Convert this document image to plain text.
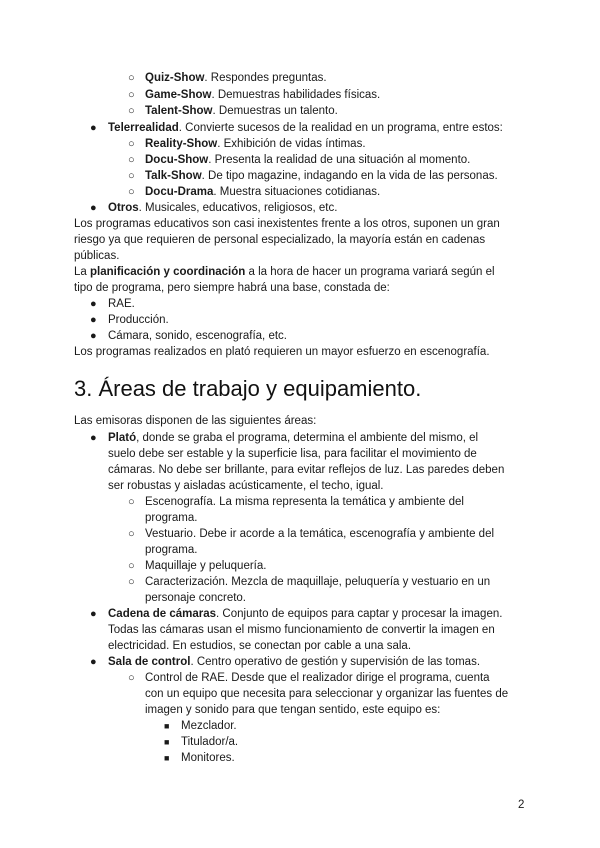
○ Quiz-Show. Respondes preguntas.
○ Game-Show. Demuestras habilidades físicas.
○ Talent-Show. Demuestras un talento.
● Telerrealidad. Convierte sucesos de la realidad en un programa, entre estos:
○ Reality-Show. Exhibición de vidas íntimas.
○ Docu-Show. Presenta la realidad de una situación al momento.
○ Talk-Show. De tipo magazine, indagando en la vida de las personas.
○ Docu-Drama. Muestra situaciones cotidianas.
● Otros. Musicales, educativos, religiosos, etc.
Los programas educativos son casi inexistentes frente a los otros, suponen un gran
riesgo ya que requieren de personal especializado, la mayoría están en cadenas
públicas.
La planificación y coordinación a la hora de hacer un programa variará según el
tipo de programa, pero siempre habrá una base, constada de:
● RAE.
● Producción.
● Cámara, sonido, escenografía, etc.
Los programas realizados en plató requieren un mayor esfuerzo en escenografía.
3. Áreas de trabajo y equipamiento.
Las emisoras disponen de las siguientes áreas:
● Plató, donde se graba el programa, determina el ambiente del mismo, el
suelo debe ser estable y la superficie lisa, para facilitar el movimiento de
cámaras. No debe ser brillante, para evitar reflejos de luz. Las paredes deben
ser robustas y aisladas acústicamente, el techo, igual.
○ Escenografía. La misma representa la temática y ambiente del
programa.
○ Vestuario. Debe ir acorde a la temática, escenografía y ambiente del
programa.
○ Maquillaje y peluquería.
○ Caracterización. Mezcla de maquillaje, peluquería y vestuario en un
personaje concreto.
● Cadena de cámaras. Conjunto de equipos para captar y procesar la imagen.
Todas las cámaras usan el mismo funcionamiento de convertir la imagen en
electricidad. En estudios, se conectan por cable a una sala.
● Sala de control. Centro operativo de gestión y supervisión de las tomas.
○ Control de RAE. Desde que el realizador dirige el programa, cuenta
con un equipo que necesita para seleccionar y organizar las fuentes de
imagen y sonido para que tengan sentido, este equipo es:
■ Mezclador.
■ Titulador/a.
■ Monitores.
2
